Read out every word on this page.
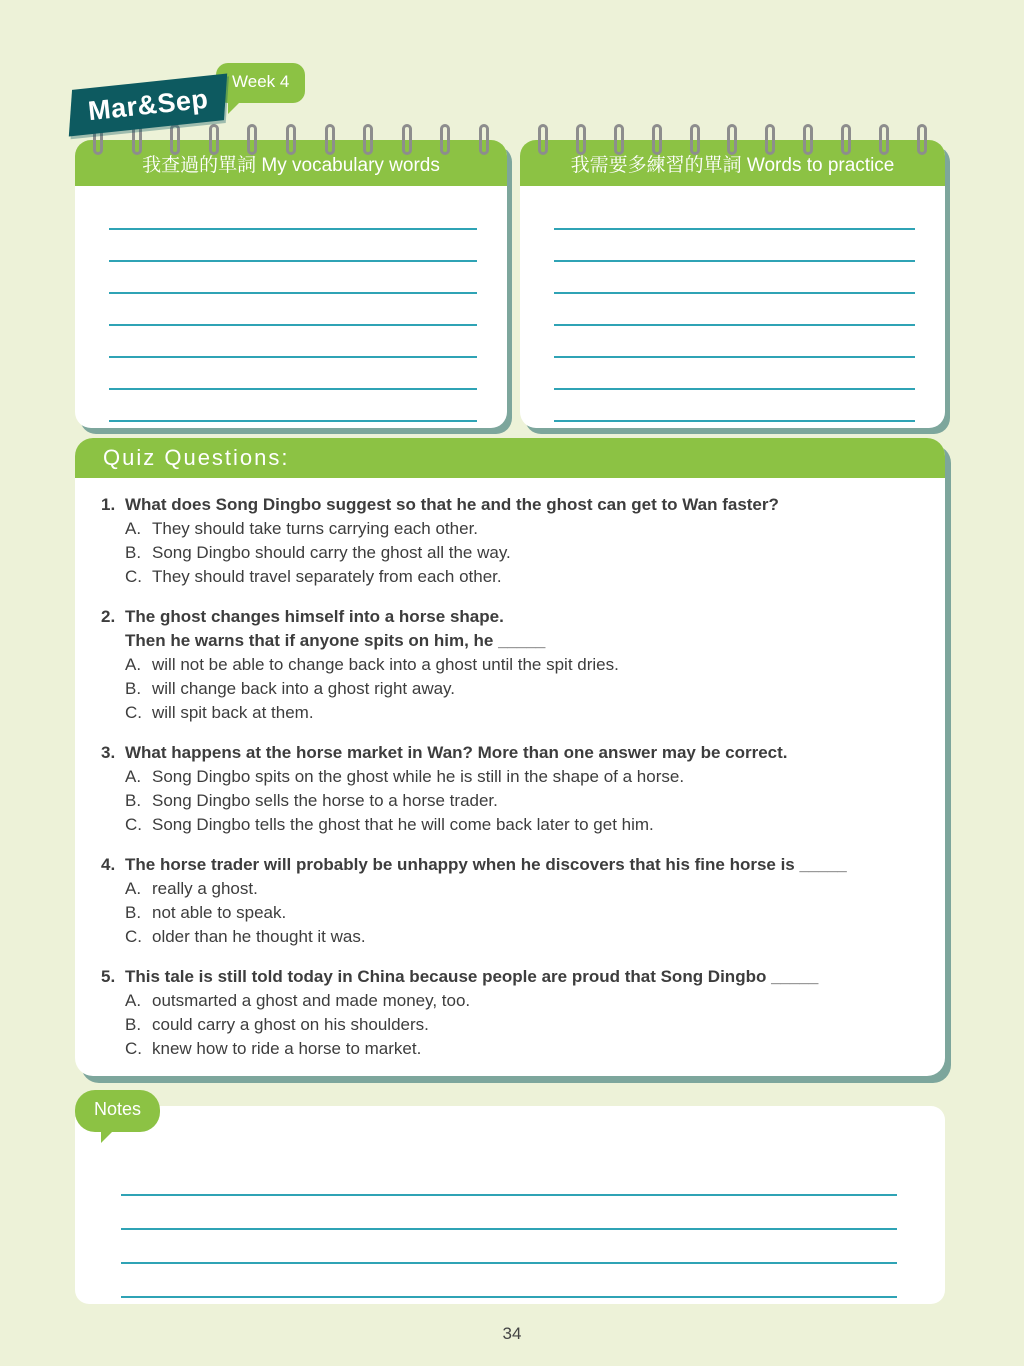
Mar&Sep
Week 4
我查過的單詞 My vocabulary words	我需要多練習的單詞 Words to practice
Quiz Questions:
1. What does Song Dingbo suggest so that he and the ghost can get to Wan faster?
A. They should take turns carrying each other.
B. Song Dingbo should carry the ghost all the way.
C. They should travel separately from each other.
2. The ghost changes himself into a horse shape.
Then he warns that if anyone spits on him, he _____
A. will not be able to change back into a ghost until the spit dries.
B. will change back into a ghost right away.
C. will spit back at them.
3. What happens at the horse market in Wan? More than one answer may be correct.
A. Song Dingbo spits on the ghost while he is still in the shape of a horse.
B. Song Dingbo sells the horse to a horse trader.
C. Song Dingbo tells the ghost that he will come back later to get him.
4. The horse trader will probably be unhappy when he discovers that his fine horse is _____
A. really a ghost.
B. not able to speak.
C. older than he thought it was.
5. This tale is still told today in China because people are proud that Song Dingbo _____
A. outsmarted a ghost and made money, too.
B. could carry a ghost on his shoulders.
C. knew how to ride a horse to market.
Notes
34
